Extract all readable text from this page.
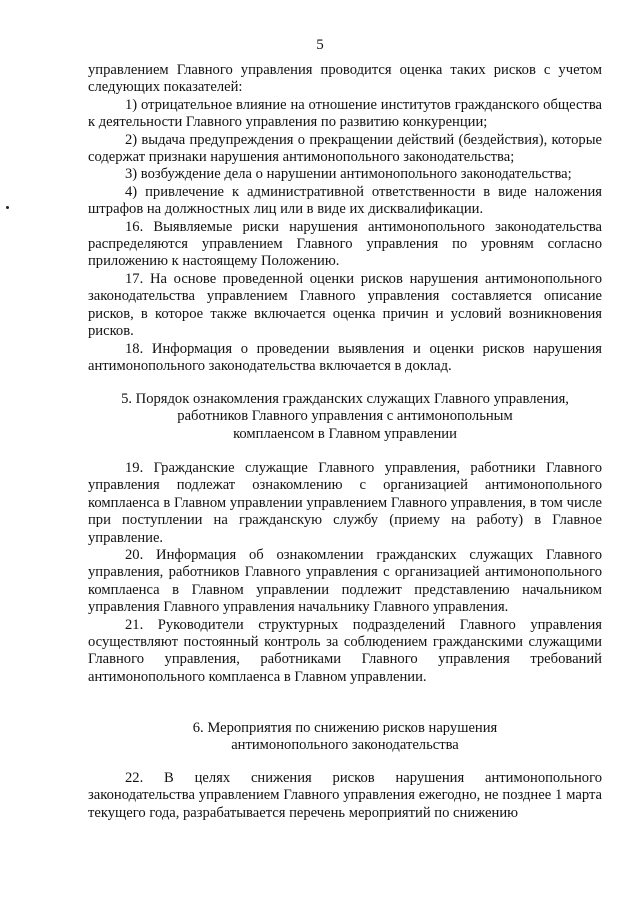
5

управлением Главного управления проводится оценка таких рисков с учетом следующих показателей:

1) отрицательное влияние на отношение институтов гражданского общества к деятельности Главного управления по развитию конкуренции;

2) выдача предупреждения о прекращении действий (бездействия), которые содержат признаки нарушения антимонопольного законодательства;

3) возбуждение дела о нарушении антимонопольного законодательства;

4) привлечение к административной ответственности в виде наложения штрафов на должностных лиц или в виде их дисквалификации.

16. Выявляемые риски нарушения антимонопольного законодательства распределяются управлением Главного управления по уровням согласно приложению к настоящему Положению.

17. На основе проведенной оценки рисков нарушения антимонопольного законодательства управлением Главного управления составляется описание рисков, в которое также включается оценка причин и условий возникновения рисков.

18. Информация о проведении выявления и оценки рисков нарушения антимонопольного законодательства включается в доклад.

5. Порядок ознакомления гражданских служащих Главного управления,
работников Главного управления с антимонопольным
комплаенсом в Главном управлении

19. Гражданские служащие Главного управления, работники Главного управления подлежат ознакомлению с организацией антимонопольного комплаенса в Главном управлении управлением Главного управления, в том числе при поступлении на гражданскую службу (приему на работу) в Главное управление.

20. Информация об ознакомлении гражданских служащих Главного управления, работников Главного управления с организацией антимонопольного комплаенса в Главном управлении подлежит представлению начальником управления Главного управления начальнику Главного управления.

21. Руководители структурных подразделений Главного управления осуществляют постоянный контроль за соблюдением гражданскими служащими Главного управления, работниками Главного управления требований антимонопольного комплаенса в Главном управлении.

6. Мероприятия по снижению рисков нарушения
антимонопольного законодательства

22. В целях снижения рисков нарушения антимонопольного законодательства управлением Главного управления ежегодно, не позднее 1 марта текущего года, разрабатывается перечень мероприятий по снижению
